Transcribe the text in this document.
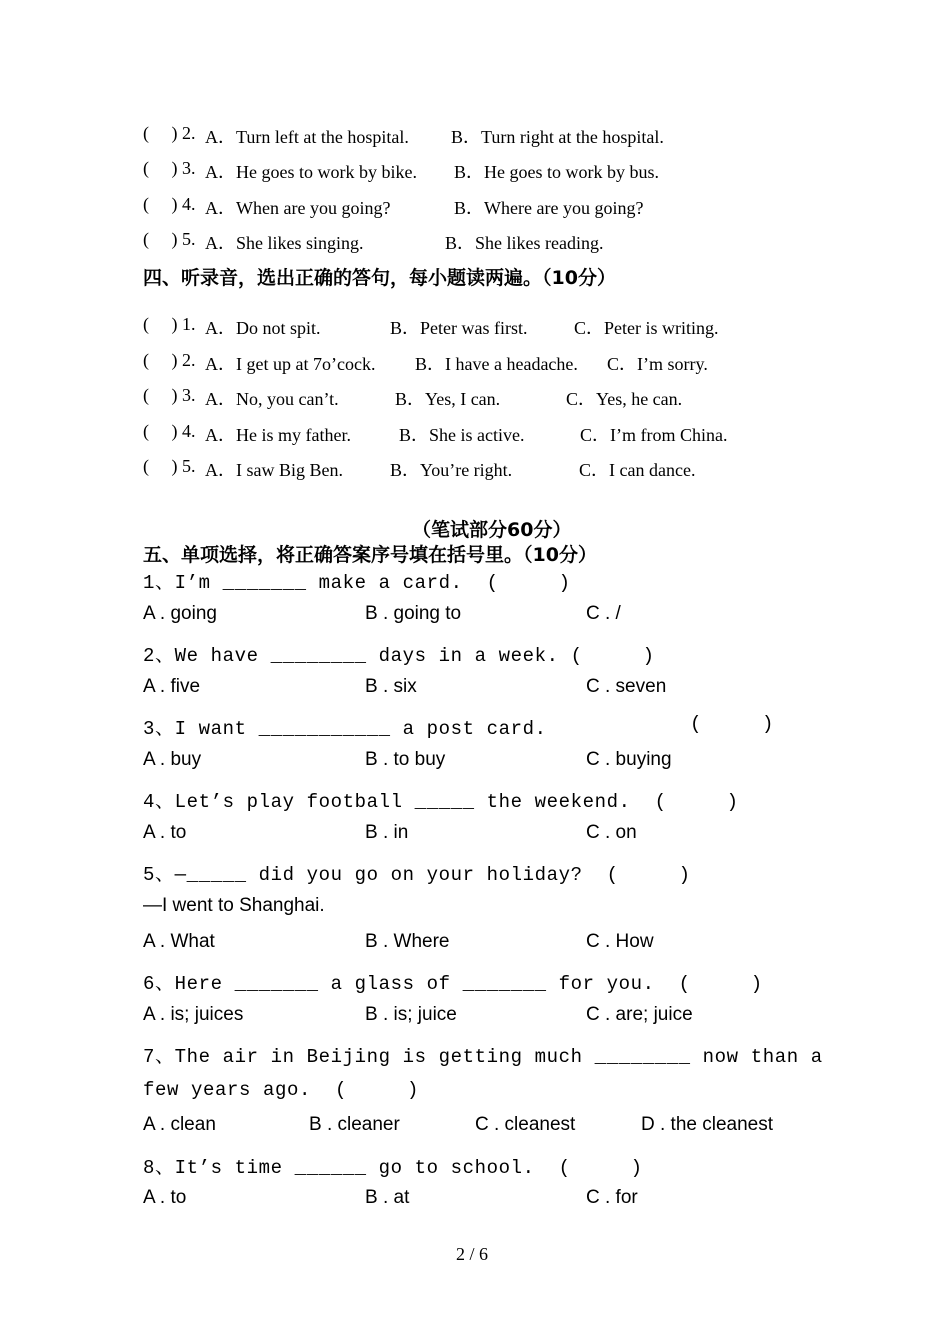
(     ) 2. A．Turn left at the hospital. B．Turn right at the hospital.
(     ) 3. A．He goes to work by bike. B．He goes to work by bus.
(     ) 4. A．When are you going?	B．Where are you going?
(     ) 5. A．She likes singing.	B．She likes reading.
四、听录音，选出正确的答句，每小题读两遍。（10分）
(     ) 1. A．Do not spit.	B．Peter was first.	C．Peter is writing.
(     ) 2. A．I get up at 7o’cock. B．I have a headache. C．I’m sorry.
(     ) 3. A．No, you can’t.	B．Yes, I can.	C．Yes, he can.
(     ) 4. A．He is my father.	B．She is active.	C．I’m from China.
(     ) 5. A．I saw Big Ben.	B．You’re right.	C．I can dance.
（笔试部分60分）
五、单项选择，将正确答案序号填在括号里。（10分）
1、I’m _______ make a card.  (     )
A . going	B . going to	C . /
2、We have ________ days in a week. (     )
A . five	B . six	C . seven
3、I want ___________ a post card.	(     )
A . buy	B . to buy	C . buying
4、Let’s play football _____ the weekend.  (     )
A . to	B . in	C . on
5、—_____ did you go on your holiday?  (     )
—I went to Shanghai.
A . What	B . Where	C . How
6、Here _______ a glass of _______ for you.  (     )
A . is; juices	B . is; juice	C . are; juice
7、The air in Beijing is getting much ________ now than a
few years ago.  (     )
A . clean	B . cleaner	C . cleanest	D . the cleanest
8、It’s time ______ go to school.  (     )
A . to	B . at	C . for
2 / 6
